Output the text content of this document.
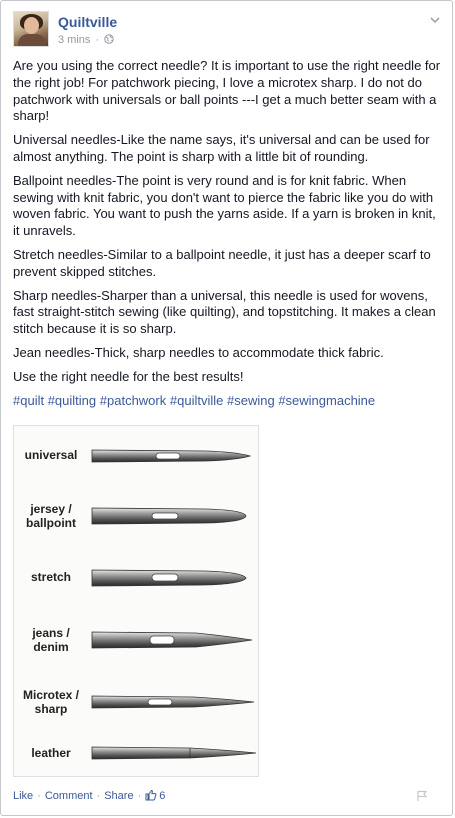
Quiltville
3 mins ·

Are you using the correct needle? It is important to use the right needle for the right job! For patchwork piecing, I love a microtex sharp. I do not do patchwork with universals or ball points ---I get a much better seam with a sharp!

Universal needles-Like the name says, it's universal and can be used for almost anything. The point is sharp with a little bit of rounding.

Ballpoint needles-The point is very round and is for knit fabric. When sewing with knit fabric, you don't want to pierce the fabric like you do with woven fabric. You want to push the yarns aside. If a yarn is broken in knit, it unravels.

Stretch needles-Similar to a ballpoint needle, it just has a deeper scarf to prevent skipped stitches.

Sharp needles-Sharper than a universal, this needle is used for wovens, fast straight-stitch sewing (like quilting), and topstitching. It makes a clean stitch because it is so sharp.

Jean needles-Thick, sharp needles to accommodate thick fabric.

Use the right needle for the best results!

#quilt #quilting #patchwork #quiltville #sewing #sewingmachine

universal
jersey /
ballpoint
stretch
jeans /
denim
Microtex /
sharp
leather
Like · Comment · Share ·	6
